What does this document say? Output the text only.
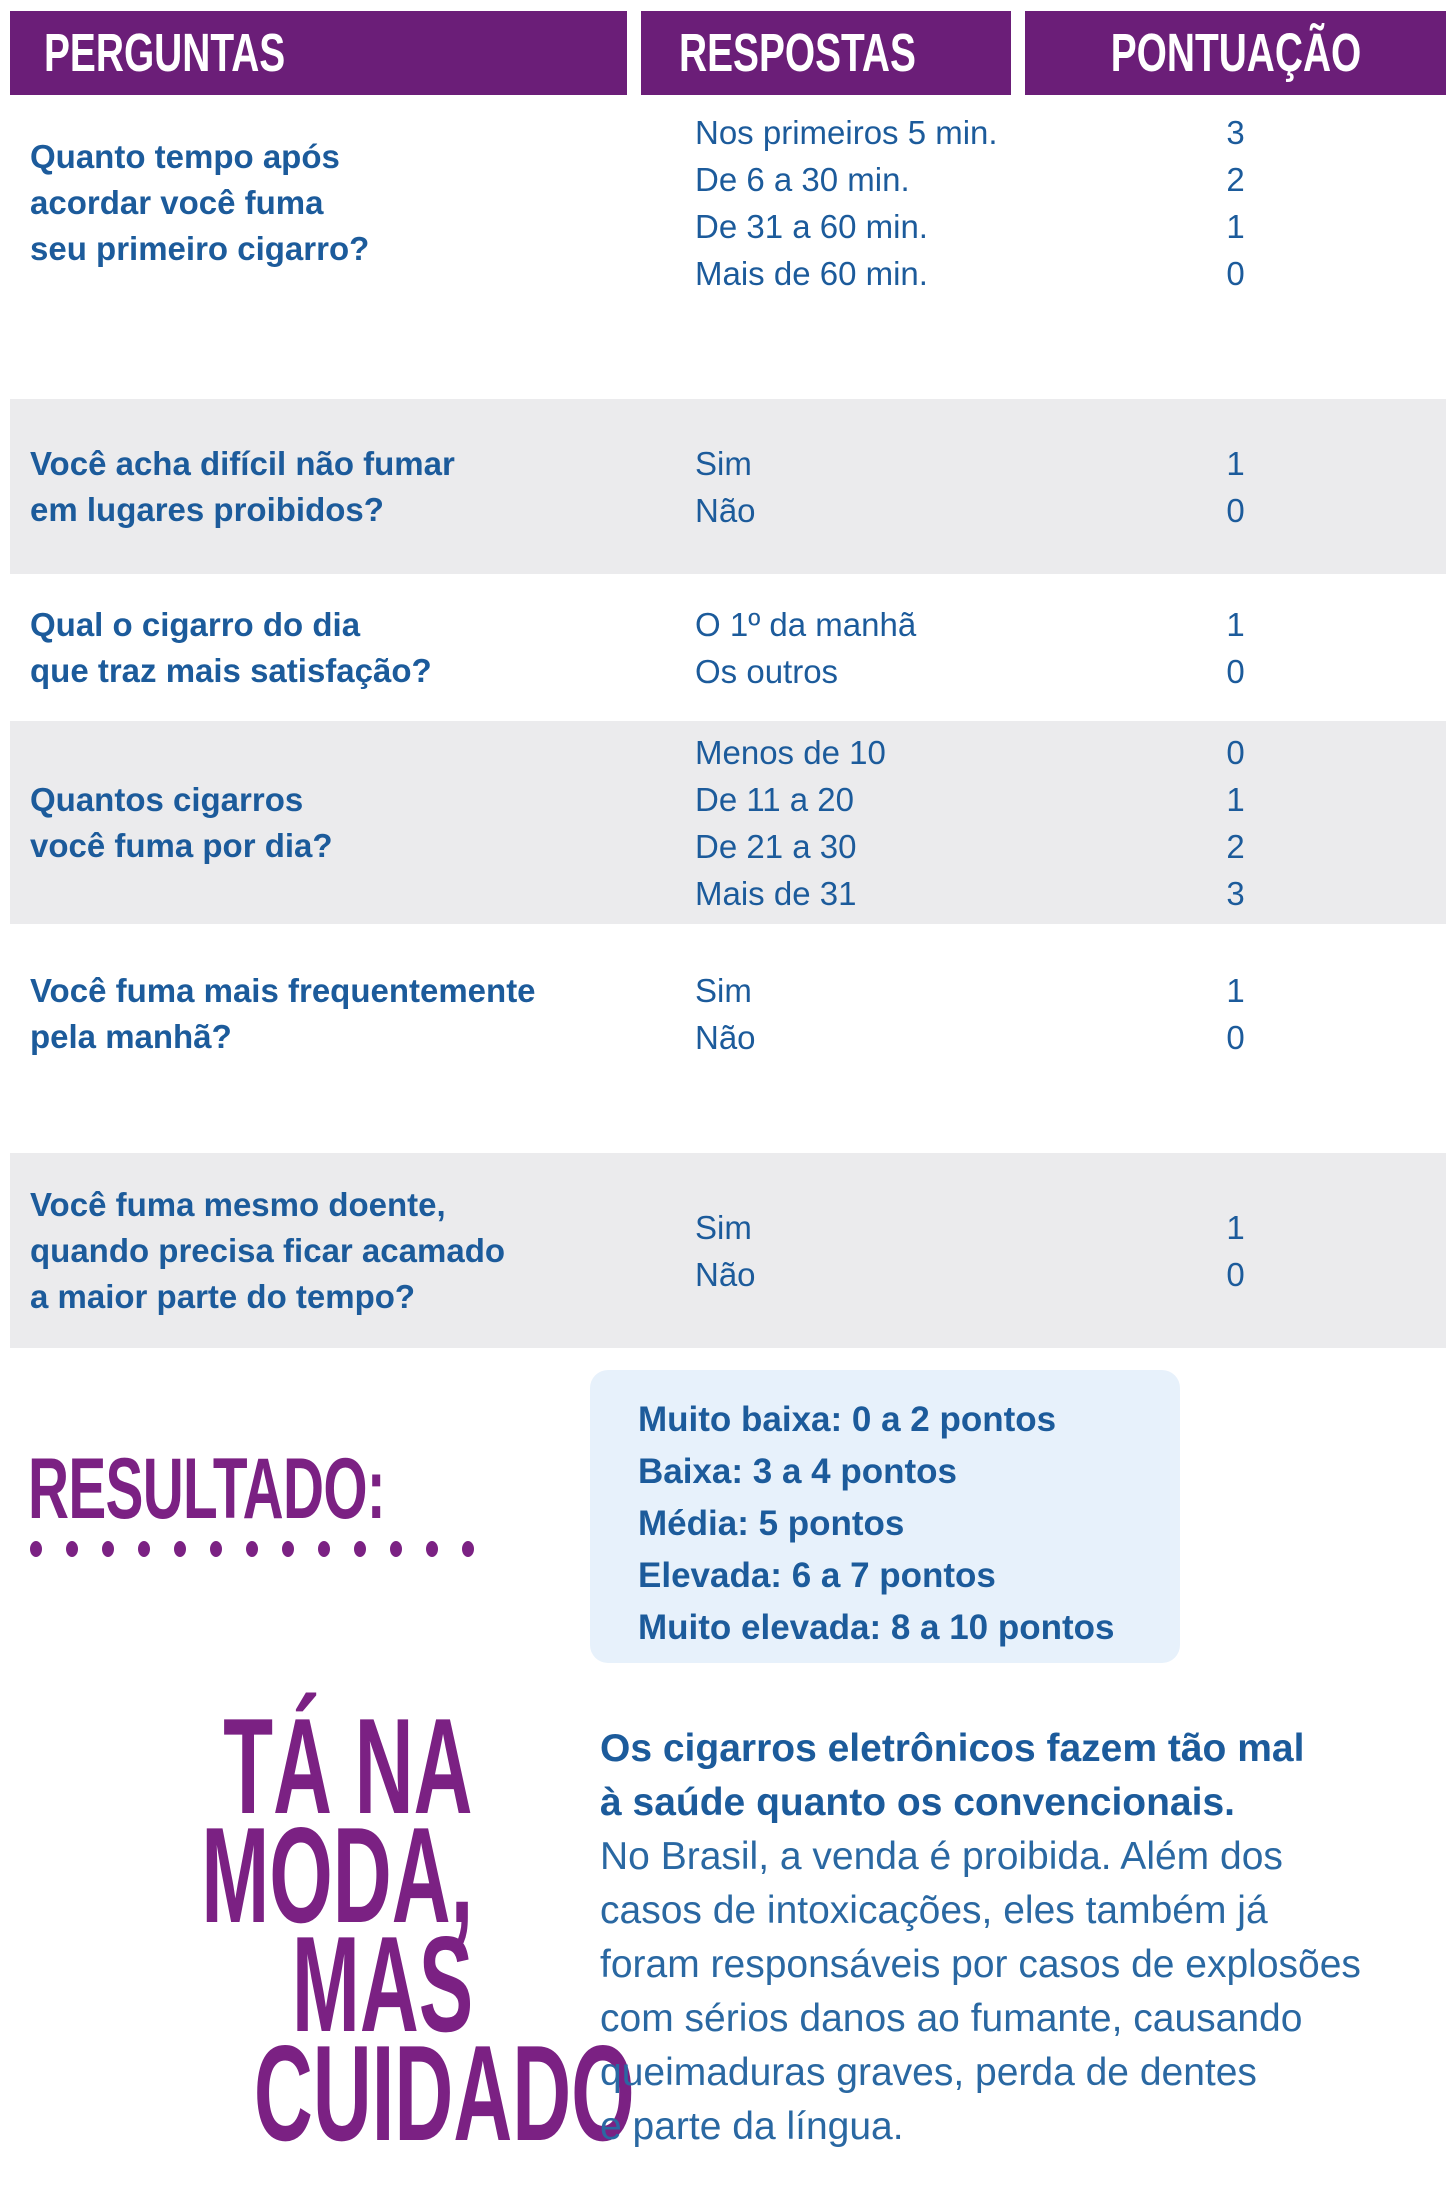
PERGUNTAS	RESPOSTAS	PONTUAÇÃO
Quanto tempo após
acordar você fuma
seu primeiro cigarro?
Nos primeiros 5 min.
De 6 a 30 min.
De 31 a 60 min.
Mais de 60 min.
3
2
1
0
Você acha difícil não fumar
em lugares proibidos?
Sim
Não
1
0
Qual o cigarro do dia
que traz mais satisfação?
O 1º da manhã
Os outros
1
0
Quantos cigarros
você fuma por dia?
Menos de 10
De 11 a 20
De 21 a 30
Mais de 31
0
1
2
3
Você fuma mais frequentemente
pela manhã?
Sim
Não
1
0
Você fuma mesmo doente,
quando precisa ficar acamado
a maior parte do tempo?
Sim
Não
1
0
RESULTADO:
Muito baixa: 0 a 2 pontos
Baixa: 3 a 4 pontos
Média: 5 pontos
Elevada: 6 a 7 pontos
Muito elevada: 8 a 10 pontos
TÁ NA
MODA,
MAS
CUIDADO
Os cigarros eletrônicos fazem tão mal
à saúde quanto os convencionais.
No Brasil, a venda é proibida. Além dos
casos de intoxicações, eles também já
foram responsáveis por casos de explosões
com sérios danos ao fumante, causando
queimaduras graves, perda de dentes
e parte da língua.
